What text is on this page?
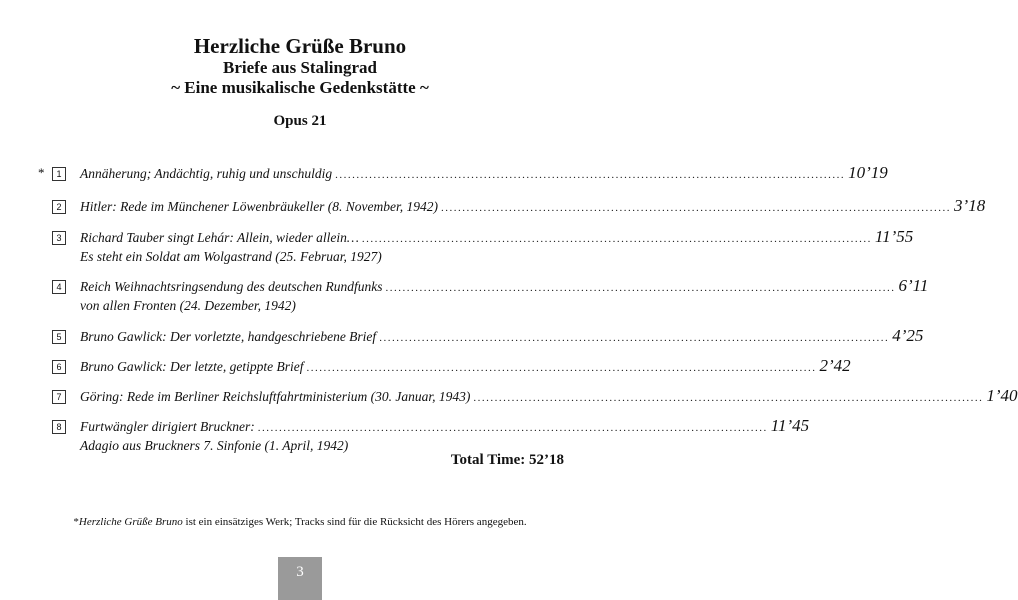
Herzliche Grüße Bruno
Briefe aus Stalingrad
~ Eine musikalische Gedenkstätte ~
Opus 21
*	1	Annäherung; Andächtig, ruhig und unschuldig ........................................................................................................................ 10’19
2	Hitler: Rede im Münchener Löwenbräukeller (8. November, 1942) ........................................................................................................................ 3’18
3	Richard Tauber singt Lehár: Allein, wieder allein… ........................................................................................................................ 11’55
Es steht ein Soldat am Wolgastrand (25. Februar, 1927)
4	Reich Weihnachtsringsendung des deutschen Rundfunks ........................................................................................................................ 6’11
von allen Fronten (24. Dezember, 1942)
5	Bruno Gawlick: Der vorletzte, handgeschriebene Brief ........................................................................................................................ 4’25
6	Bruno Gawlick: Der letzte, getippte Brief ........................................................................................................................ 2’42
7	Göring: Rede im Berliner Reichsluftfahrtministerium (30. Januar, 1943) ........................................................................................................................ 1’40
8	Furtwängler dirigiert Bruckner: ........................................................................................................................ 11’45
Adagio aus Bruckners 7. Sinfonie (1. April, 1942)
Total Time: 52’18
*Herzliche Grüße Bruno ist ein einsätziges Werk; Tracks sind für die Rücksicht des Hörers angegeben.
3
